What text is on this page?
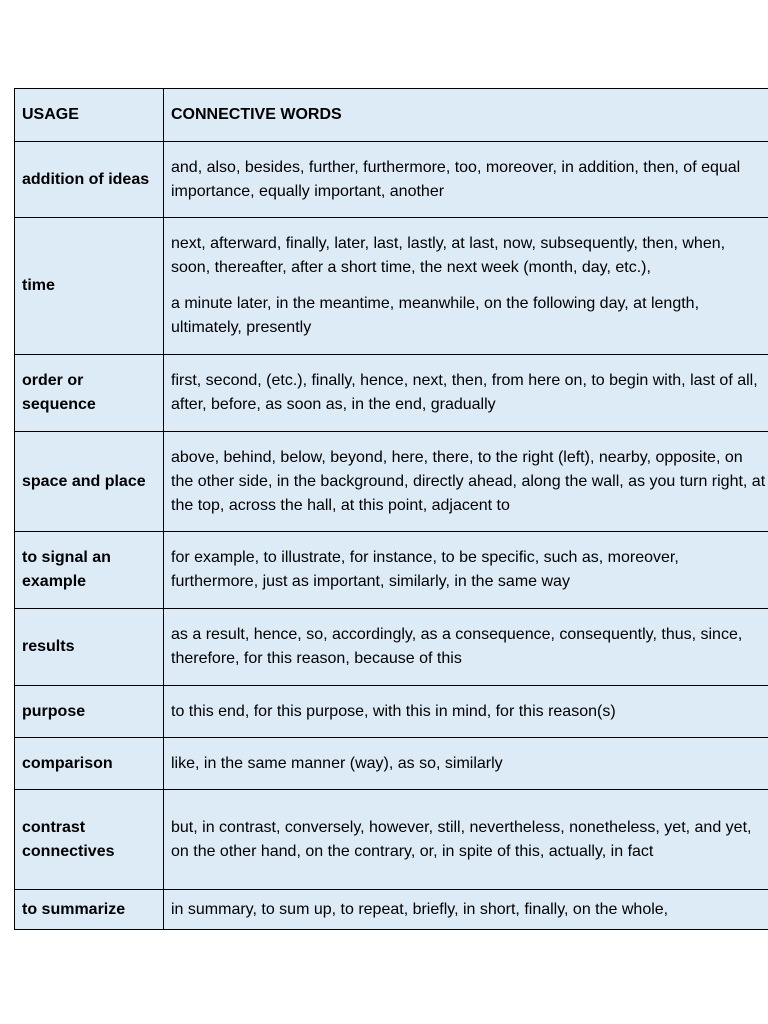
USAGE	CONNECTIVE WORDS
addition of ideas	and, also, besides, further, furthermore, too, moreover, in addition, then, of equal importance, equally important, another

time	next, afterward, finally, later, last, lastly, at last, now, subsequently, then, when, soon, thereafter, after a short time, the next week (month, day, etc.),

a minute later, in the meantime, meanwhile, on the following day, at length, ultimately, presently

order or sequence	first, second, (etc.), finally, hence, next, then, from here on, to begin with, last of all, after, before, as soon as, in the end, gradually

space and place	above, behind, below, beyond, here, there, to the right (left), nearby, opposite, on the other side, in the background, directly ahead, along the wall, as you turn right, at the top, across the hall, at this point, adjacent to

to signal an example	for example, to illustrate, for instance, to be specific, such as, moreover, furthermore, just as important, similarly, in the same way

results	as a result, hence, so, accordingly, as a consequence, consequently, thus, since, therefore, for this reason, because of this

purpose	to this end, for this purpose, with this in mind, for this reason(s)

comparison	like, in the same manner (way), as so, similarly

contrast connectives	but, in contrast, conversely, however, still, nevertheless, nonetheless, yet, and yet, on the other hand, on the contrary, or, in spite of this, actually, in fact

to summarize	in summary, to sum up, to repeat, briefly, in short, finally, on the whole,
